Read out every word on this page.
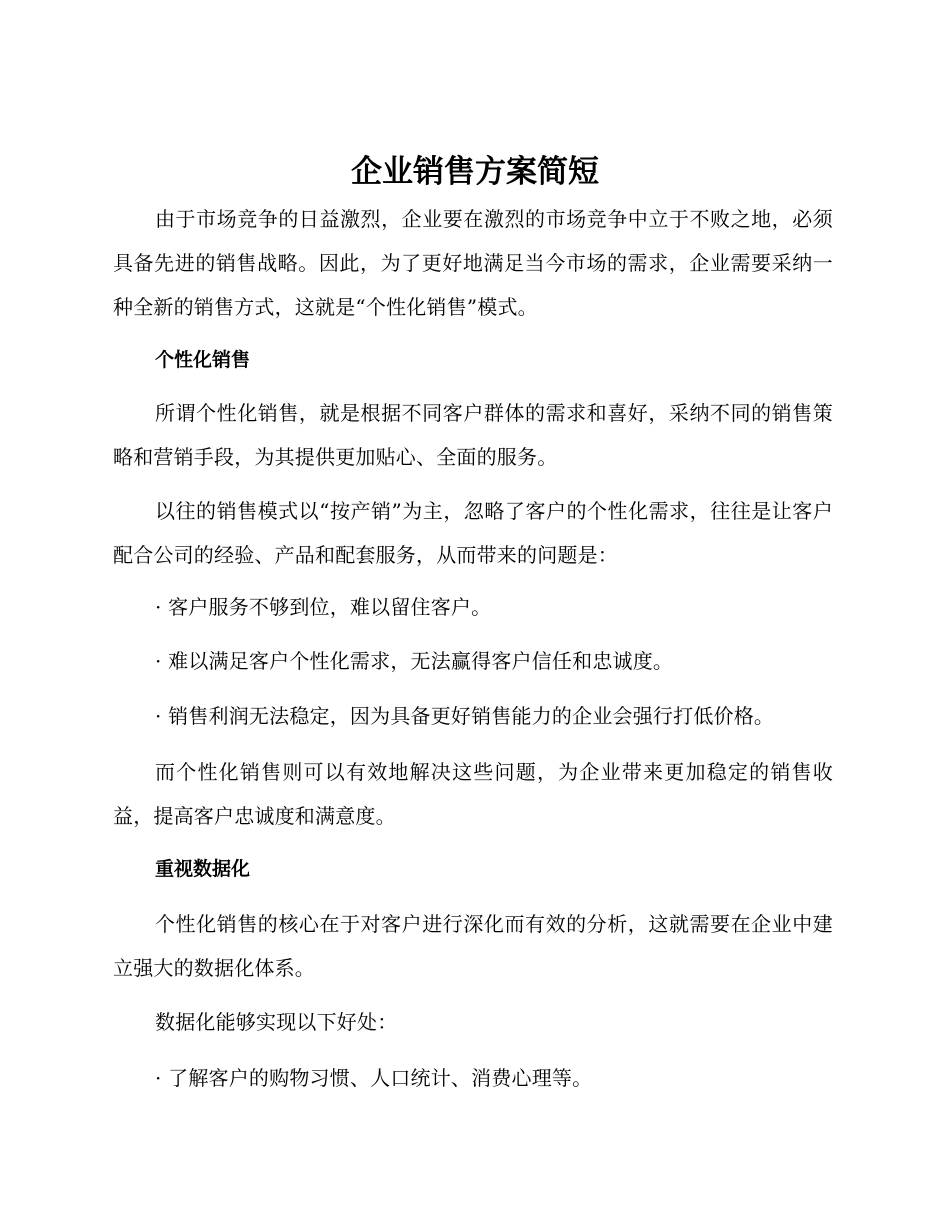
企业销售方案简短

由于市场竞争的日益激烈，企业要在激烈的市场竞争中立于不败之地，必须具备先进的销售战略。因此，为了更好地满足当今市场的需求，企业需要采纳一种全新的销售方式，这就是“个性化销售”模式。

个性化销售

所谓个性化销售，就是根据不同客户群体的需求和喜好，采纳不同的销售策略和营销手段，为其提供更加贴心、全面的服务。

以往的销售模式以“按产销”为主，忽略了客户的个性化需求，往往是让客户配合公司的经验、产品和配套服务，从而带来的问题是：

· 客户服务不够到位，难以留住客户。

· 难以满足客户个性化需求，无法赢得客户信任和忠诚度。

· 销售利润无法稳定，因为具备更好销售能力的企业会强行打低价格。

而个性化销售则可以有效地解决这些问题，为企业带来更加稳定的销售收益，提高客户忠诚度和满意度。

重视数据化

个性化销售的核心在于对客户进行深化而有效的分析，这就需要在企业中建立强大的数据化体系。

数据化能够实现以下好处：

· 了解客户的购物习惯、人口统计、消费心理等。
